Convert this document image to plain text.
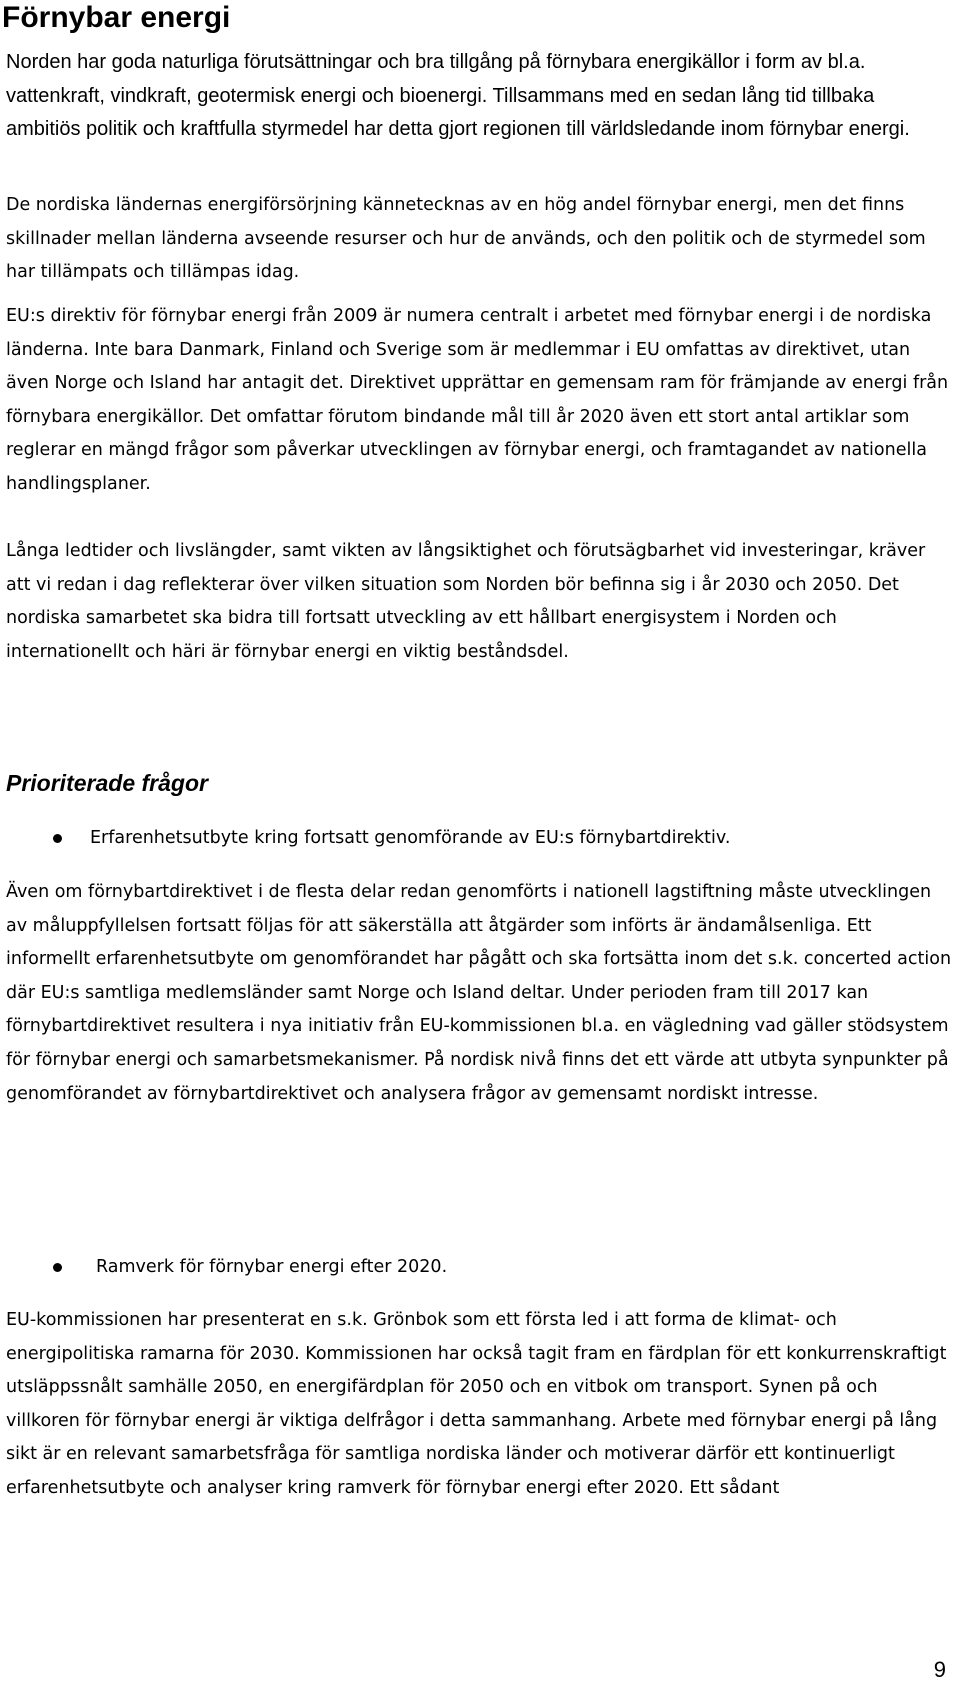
Förnybar energi
Norden har goda naturliga förutsättningar och bra tillgång på förnybara energikällor i form av bl.a. vattenkraft, vindkraft, geotermisk energi och bioenergi. Tillsammans med en sedan lång tid tillbaka ambitiös politik och kraftfulla styrmedel har detta gjort regionen till världsledande inom förnybar energi.
De nordiska ländernas energiförsörjning kännetecknas av en hög andel förnybar energi, men det finns skillnader mellan länderna avseende resurser och hur de används, och den politik och de styrmedel som har tillämpats och tillämpas idag.
EU:s direktiv för förnybar energi från 2009 är numera centralt i arbetet med förnybar energi i de nordiska länderna. Inte bara Danmark, Finland och Sverige som är medlemmar i EU omfattas av direktivet, utan även Norge och Island har antagit det. Direktivet upprättar en gemensam ram för främjande av energi från förnybara energikällor. Det omfattar förutom bindande mål till år 2020 även ett stort antal artiklar som reglerar en mängd frågor som påverkar utvecklingen av förnybar energi, och framtagandet av nationella handlingsplaner.
Långa ledtider och livslängder, samt vikten av långsiktighet och förutsägbarhet vid investeringar, kräver att vi redan i dag reflekterar över vilken situation som Norden bör befinna sig i år 2030 och 2050. Det nordiska samarbetet ska bidra till fortsatt utveckling av ett hållbart energisystem i Norden och internationellt och häri är förnybar energi en viktig beståndsdel.
Prioriterade frågor
Erfarenhetsutbyte kring fortsatt genomförande av EU:s förnybartdirektiv.
Även om förnybartdirektivet i de flesta delar redan genomförts i nationell lagstiftning måste utvecklingen av måluppfyllelsen fortsatt följas för att säkerställa att åtgärder som införts är ändamålsenliga. Ett informellt erfarenhetsutbyte om genomförandet har pågått och ska fortsätta inom det s.k. concerted action där EU:s samtliga medlemsländer samt Norge och Island deltar. Under perioden fram till 2017 kan förnybartdirektivet resultera i nya initiativ från EU-kommissionen bl.a. en vägledning vad gäller stödsystem för förnybar energi och samarbetsmekanismer. På nordisk nivå finns det ett värde att utbyta synpunkter på genomförandet av förnybartdirektivet och analysera frågor av gemensamt nordiskt intresse.
Ramverk för förnybar energi efter 2020.
EU-kommissionen har presenterat en s.k. Grönbok som ett första led i att forma de klimat- och energipolitiska ramarna för 2030. Kommissionen har också tagit fram en färdplan för ett konkurrenskraftigt utsläppssnålt samhälle 2050, en energifärdplan för 2050 och en vitbok om transport. Synen på och villkoren för förnybar energi är viktiga delfrågor i detta sammanhang. Arbete med förnybar energi på lång sikt är en relevant samarbetsfråga för samtliga nordiska länder och motiverar därför ett kontinuerligt erfarenhetsutbyte och analyser kring ramverk för förnybar energi efter 2020. Ett sådant
9
